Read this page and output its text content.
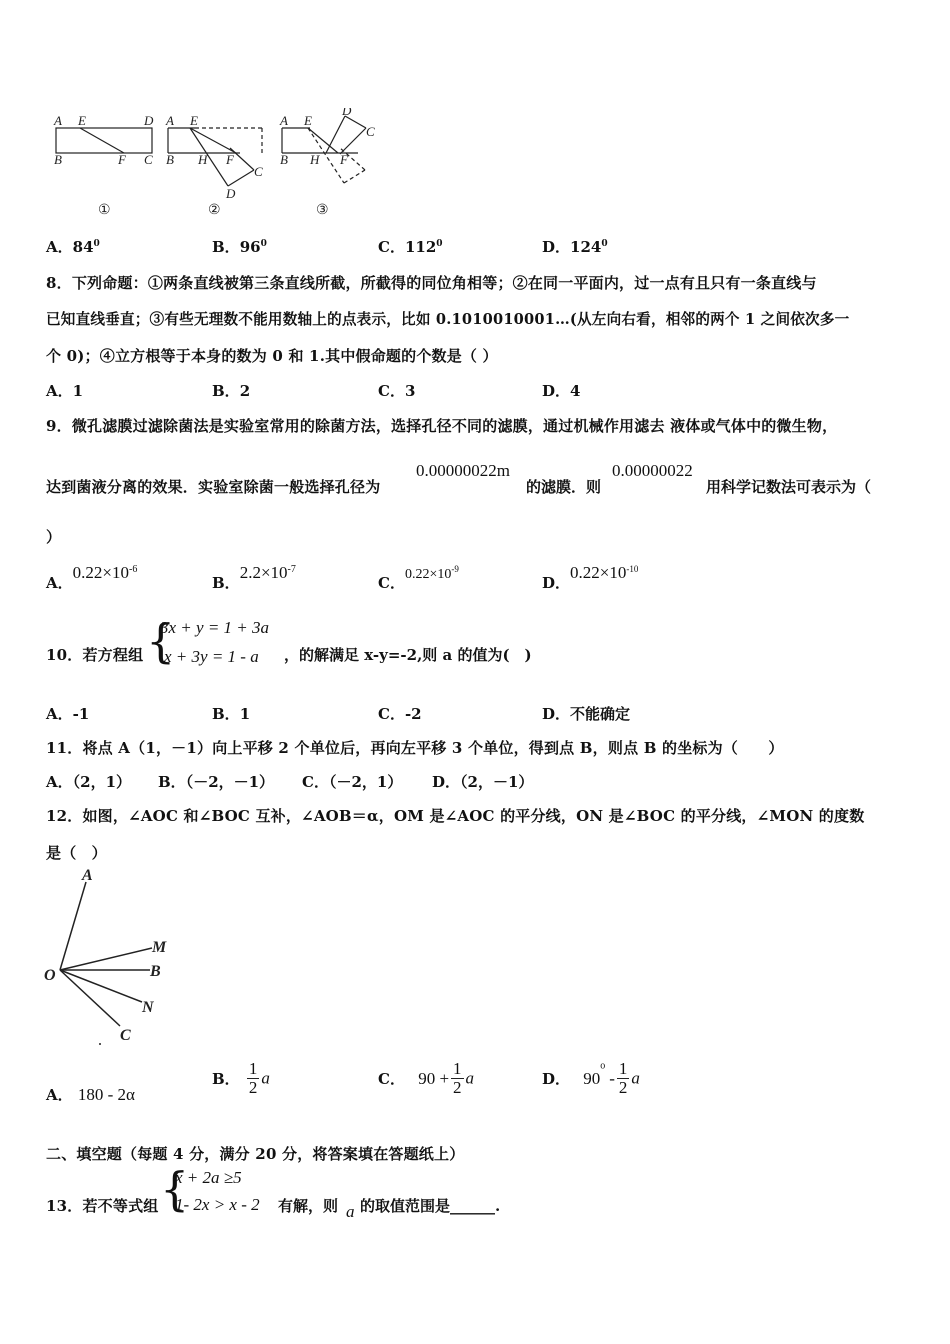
A E	D
B	F C
A E
B H F
C
D
A E
D
C
B H F
①	②	③
A．$84^0$	B．$96^0$	C．$112^0$	D．$124^0$
8．下列命题：①两条直线被第三条直线所截，所截得的同位角相等；②在同一平面内，过一点有且只有一条直线与
已知直线垂直；③有些无理数不能用数轴上的点表示，比如 0.1010010001…(从左向右看，相邻的两个 1 之间依次多一
个 0)；④立方根等于本身的数为 0 和 1.其中假命题的个数是（ ）
A．1	B．2	C．3	D．4
9．微孔滤膜过滤除菌法是实验室常用的除菌方法，选择孔径不同的滤膜，通过机械作用滤去 液体或气体中的微生物，
达到菌液分离的效果．实验室除菌一般选择孔径为
0.00000022m
的滤膜．则
0.00000022
用科学记数法可表示为（
）
A．$0.22\times 10^{-6}$
B．$2.2\times 10^{-7}$
C．$0.22\times 10^{-9}$
D．$0.22\times 10^{-10}$
10．若方程组 {
3x + y = 1 + 3a
x + 3y = 1 - a ，的解满足 x-y=-2,则 a 的值为(　)
A．-1	B．1	C．-2	D．不能确定
11．将点 A（1，－1）向上平移 2 个单位后，再向左平移 3 个单位，得到点 B，则点 B 的坐标为（　　）
A．（2，1） B．（－2，－1） C．（－2，1） D．（2，－1）
12．如图，∠AOC 和∠BOC 互补，∠AOB＝α，OM 是∠AOC 的平分线，ON 是∠BOC 的平分线，∠MON 的度数
是（　）
A
M
O	B
N
C
A． 180 - 2α
B． $\frac{1}{2}$ a	C． $90 + \frac{1}{2}$ a	D． $90^o- \frac{1}{2}$ a
二、填空题（每题 4 分，满分 20 分，将答案填在答题纸上）
13．若不等式组 {
x + 2a ≥5
1- 2x > x - 2 有解，则 a 的取值范围是______.
